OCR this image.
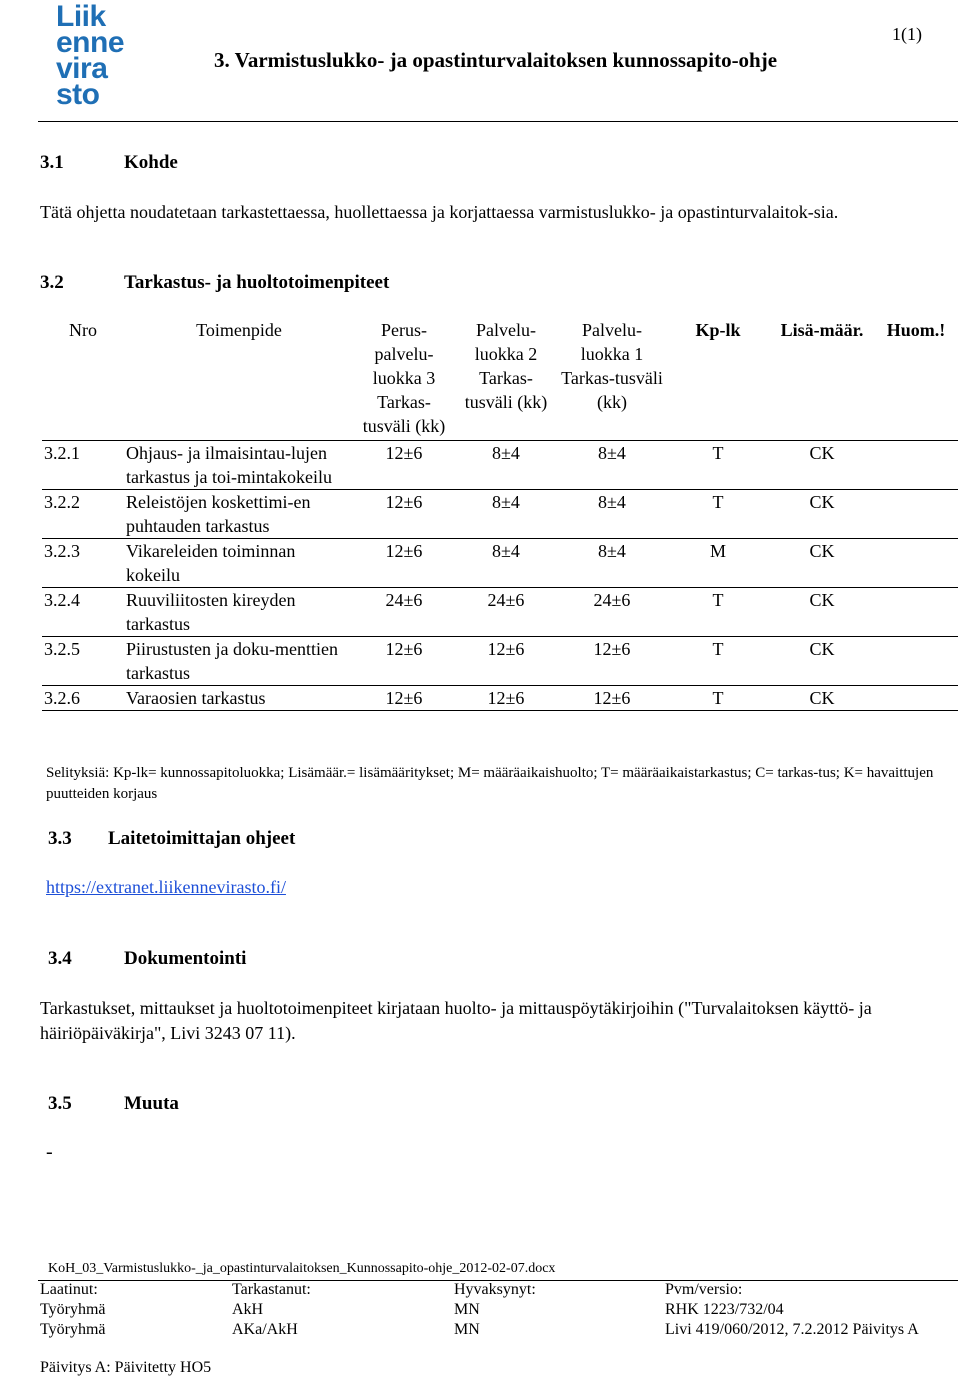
Liik
enne
vira
sto
3. Varmistuslukko- ja opastinturvalaitoksen kunnossapito-ohje
1(1)
3.1	Kohde
Tätä ohjetta noudatetaan tarkastettaessa, huollettaessa ja korjattaessa varmistuslukko- ja opastinturvalaitok-sia.
3.2	Tarkastus- ja huoltotoimenpiteet
Nro	Toimenpide	Perus-palvelu-luokka 3 Tarkas-tusväli (kk)	Palvelu-luokka 2 Tarkas-tusväli (kk)	Palvelu-luokka 1 Tarkas-tusväli (kk)	Kp-lk	Lisä-määr.	Huom.!
3.2.1	Ohjaus- ja ilmaisintau-lujen tarkastus ja toi-mintakokeilu	12±6	8±4	8±4	T	CK	
3.2.2	Releistöjen koskettimi-en puhtauden tarkastus	12±6	8±4	8±4	T	CK	
3.2.3	Vikareleiden toiminnan kokeilu	12±6	8±4	8±4	M	CK	
3.2.4	Ruuviliitosten kireyden tarkastus	24±6	24±6	24±6	T	CK	
3.2.5	Piirustusten ja doku-menttien tarkastus	12±6	12±6	12±6	T	CK	
3.2.6	Varaosien tarkastus	12±6	12±6	12±6	T	CK	
Selityksiä: Kp-lk= kunnossapitoluokka; Lisämäär.= lisämääritykset; M= määräaikaishuolto; T= määräaikaistarkastus; C= tarkas-tus; K= havaittujen puutteiden korjaus
3.3 Laitetoimittajan ohjeet
https://extranet.liikennevirasto.fi/
3.4	Dokumentointi
Tarkastukset, mittaukset ja huoltotoimenpiteet kirjataan huolto- ja mittauspöytäkirjoihin ("Turvalaitoksen käyttö- ja häiriöpäiväkirja", Livi 3243 07 11).
3.5	Muuta
-
KoH_03_Varmistuslukko-_ja_opastinturvalaitoksen_Kunnossapito-ohje_2012-02-07.docx
Laatinut:	Tarkastanut:	Hyvaksynyt:	Pvm/versio:
Työryhmä	AkH	MN	RHK 1223/732/04
Työryhmä	AKa/AkH	MN	Livi 419/060/2012, 7.2.2012 Päivitys A
Päivitys A: Päivitetty HO5
